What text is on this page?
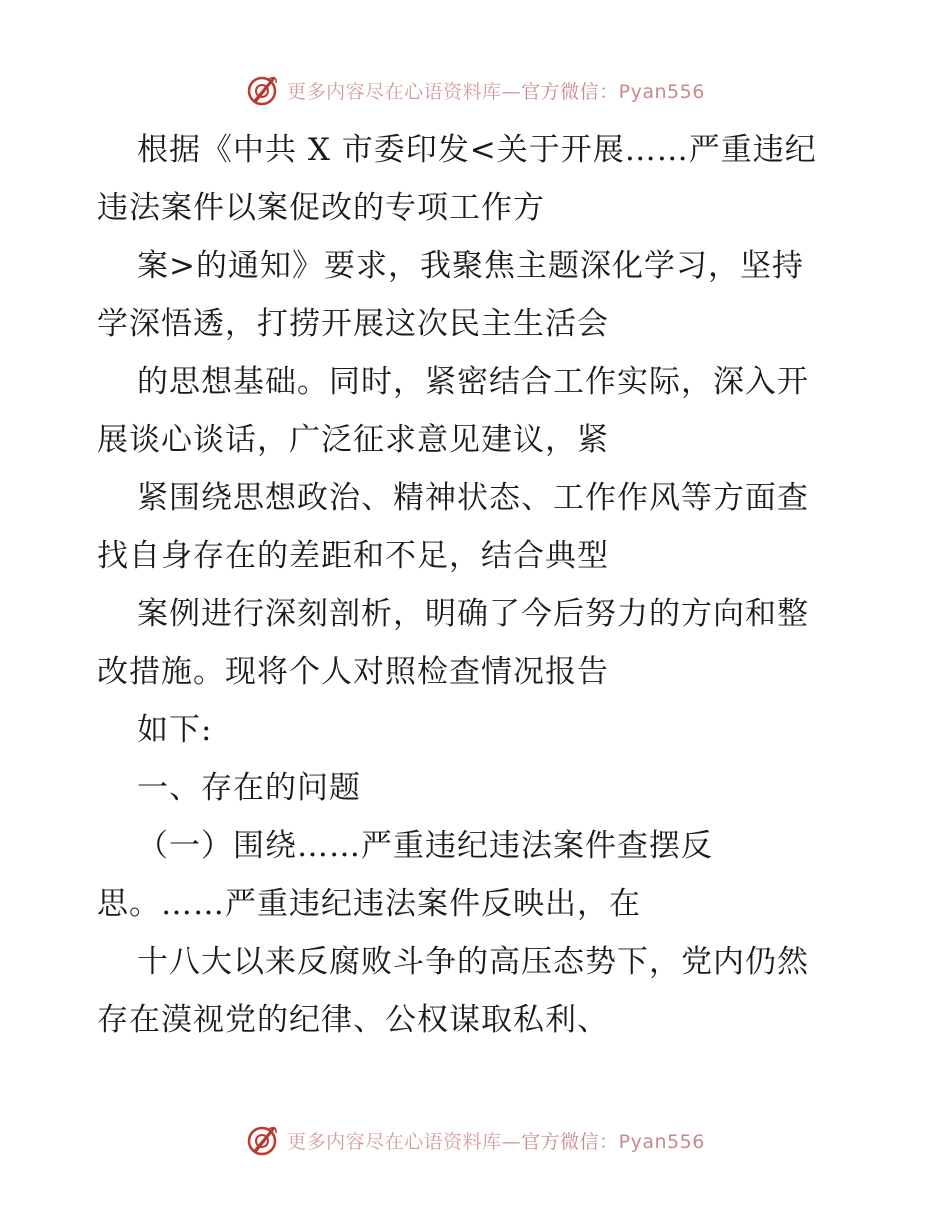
更多内容尽在心语资料库—官方微信：Pyan556
根据《中共 X 市委印发<关于开展……严重违纪
违法案件以案促改的专项工作方
案>的通知》要求，我聚焦主题深化学习，坚持
学深悟透，打捞开展这次民主生活会
的思想基础。同时，紧密结合工作实际，深入开
展谈心谈话，广泛征求意见建议，紧
紧围绕思想政治、精神状态、工作作风等方面查
找自身存在的差距和不足，结合典型
案例进行深刻剖析，明确了今后努力的方向和整
改措施。现将个人对照检查情况报告
如下:
一、存在的问题
（一）围绕……严重违纪违法案件查摆反
思。……严重违纪违法案件反映出，在
十八大以来反腐败斗争的高压态势下，党内仍然
存在漠视党的纪律、公权谋取私利、
更多内容尽在心语资料库—官方微信：Pyan556
